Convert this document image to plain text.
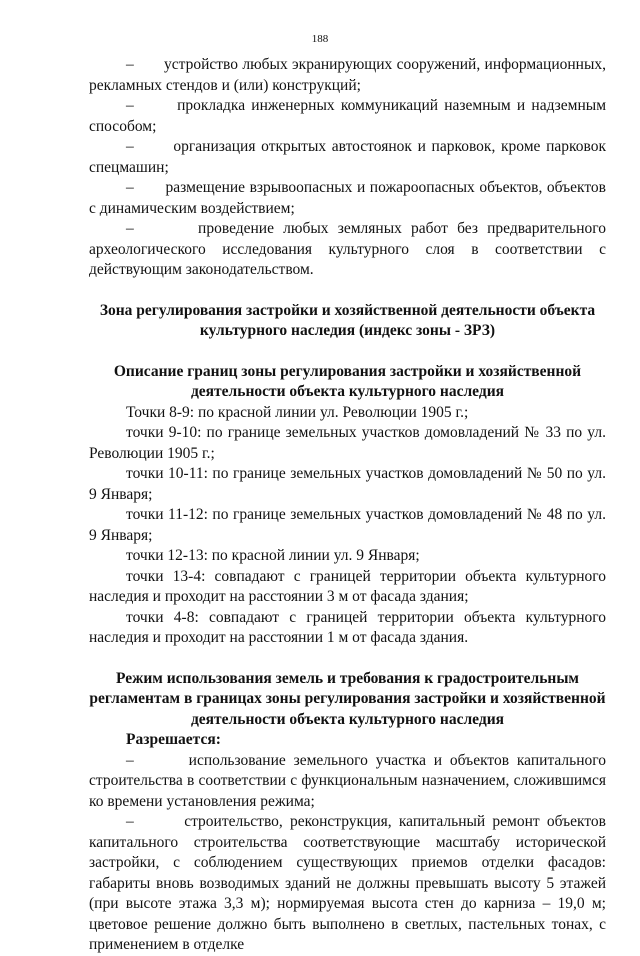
188

–       устройство любых экранирующих сооружений, информационных, рекламных стендов и (или) конструкций;

–       прокладка инженерных коммуникаций наземным и надземным способом;

–       организация открытых автостоянок и парковок, кроме парковок спецмашин;

–       размещение взрывоопасных и пожароопасных объектов, объектов с динамическим воздействием;

–       проведение любых земляных работ без предварительного археологического исследования культурного слоя в соответствии с действующим законодательством.

Зона регулирования застройки и хозяйственной деятельности объекта культурного наследия (индекс зоны - ЗРЗ)

Описание границ зоны регулирования застройки и хозяйственной деятельности объекта культурного наследия

Точки 8-9: по красной линии ул. Революции 1905 г.;

точки 9-10: по границе земельных участков домовладений № 33 по ул. Революции 1905 г.;

точки 10-11: по границе земельных участков домовладений № 50 по ул. 9 Января;

точки 11-12: по границе земельных участков домовладений № 48 по ул. 9 Января;

точки 12-13: по красной линии ул. 9 Января;

точки 13-4: совпадают с границей территории объекта культурного наследия и проходит на расстоянии 3 м от фасада здания;

точки 4-8: совпадают с границей территории объекта культурного наследия и проходит на расстоянии 1 м от фасада здания.

Режим использования земель и требования к градостроительным регламентам в границах зоны регулирования застройки и хозяйственной деятельности объекта культурного наследия

Разрешается:

–       использование земельного участка и объектов капитального строительства в соответствии с функциональным назначением, сложившимся ко времени установления режима;

–       строительство, реконструкция, капитальный ремонт объектов капитального строительства соответствующие масштабу исторической застройки, с соблюдением существующих приемов отделки фасадов: габариты вновь возводимых зданий не должны превышать высоту 5 этажей (при высоте этажа 3,3 м); нормируемая высота стен до карниза – 19,0 м; цветовое решение должно быть выполнено в светлых, пастельных тонах, с применением в отделке
